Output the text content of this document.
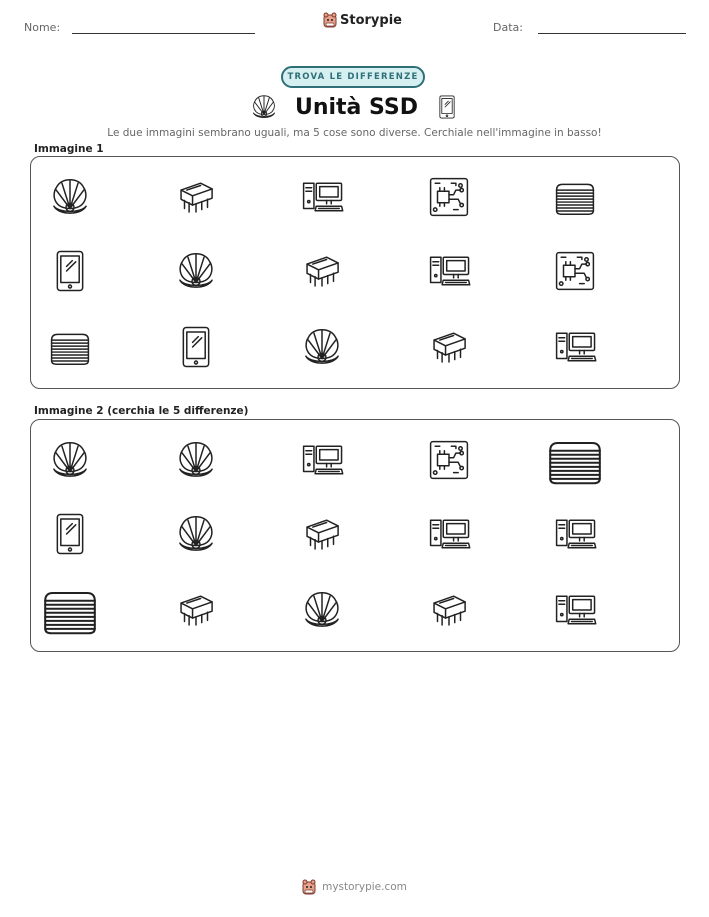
Nome:	Storypie	Data:
TROVA LE DIFFERENZE
Unità SSD
Le due immagini sembrano uguali, ma 5 cose sono diverse. Cerchiale nell'immagine in basso!
Immagine 1
Immagine 2 (cerchia le 5 differenze)
mystorypie.com
